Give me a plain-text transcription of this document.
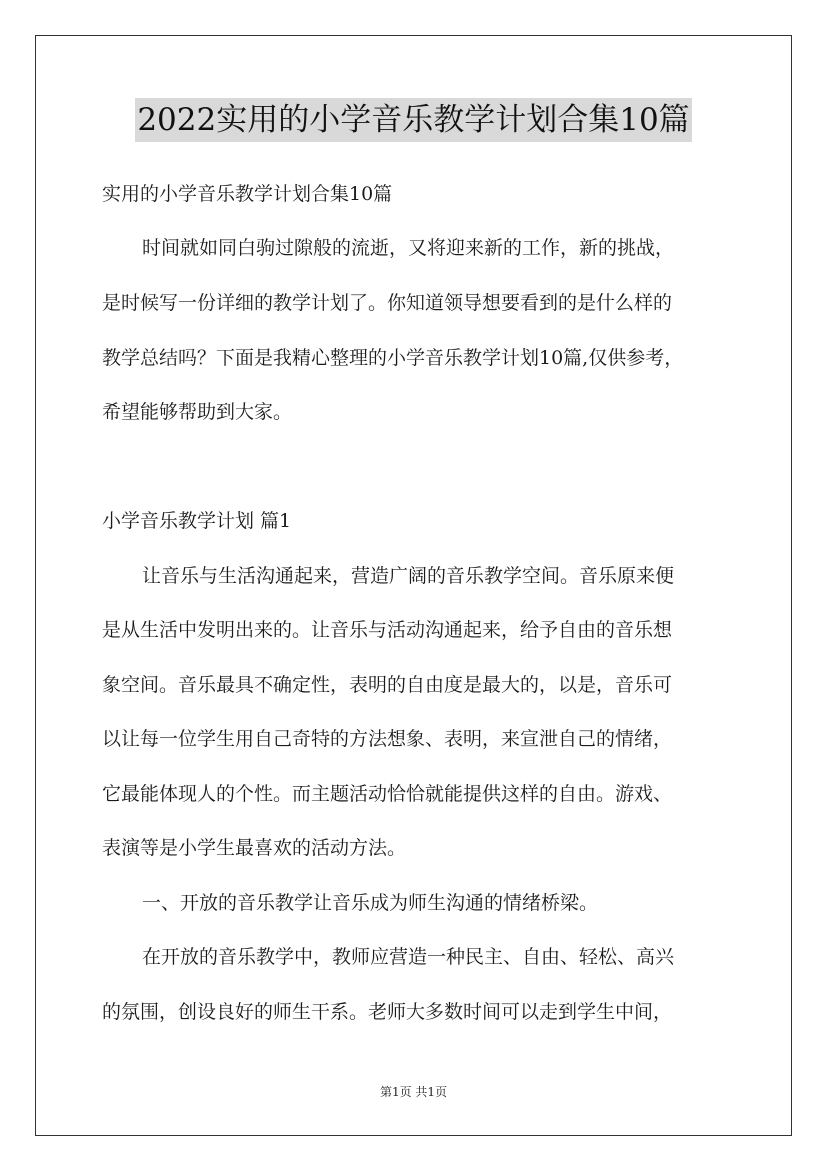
2022实用的小学音乐教学计划合集10篇
实用的小学音乐教学计划合集10篇
时间就如同白驹过隙般的流逝，又将迎来新的工作，新的挑战，
是时候写一份详细的教学计划了。你知道领导想要看到的是什么样的
教学总结吗？下面是我精心整理的小学音乐教学计划10篇,仅供参考，
希望能够帮助到大家。
小学音乐教学计划 篇1
让音乐与生活沟通起来，营造广阔的音乐教学空间。音乐原来便
是从生活中发明出来的。让音乐与活动沟通起来，给予自由的音乐想
象空间。音乐最具不确定性，表明的自由度是最大的，以是，音乐可
以让每一位学生用自己奇特的方法想象、表明，来宣泄自己的情绪，
它最能体现人的个性。而主题活动恰恰就能提供这样的自由。游戏、
表演等是小学生最喜欢的活动方法。
一、开放的音乐教学让音乐成为师生沟通的情绪桥梁。
在开放的音乐教学中，教师应营造一种民主、自由、轻松、高兴
的氛围，创设良好的师生干系。老师大多数时间可以走到学生中间，
第1页 共1页
